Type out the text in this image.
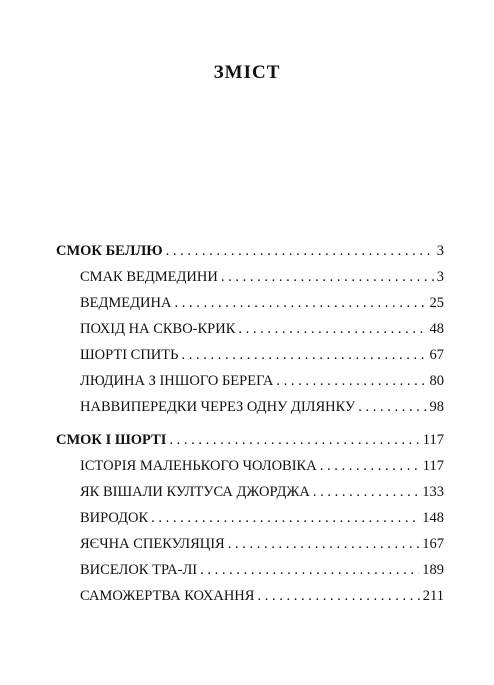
ЗМІСТ
СМОК БЕЛЛЮ . . .	3
СМАК ВЕДМЕДИНИ . . .	3
ВЕДМЕДИНА . . .	25
ПОХІД НА СКВО-КРИК . . .	48
ШОРТІ СПИТЬ . . .	67
ЛЮДИНА З ІНШОГО БЕРЕГА . . .	80
НАВВИПЕРЕДКИ ЧЕРЕЗ ОДНУ ДІЛЯНКУ . . .	98
СМОК І ШОРТІ . . .	117
ІСТОРІЯ МАЛЕНЬКОГО ЧОЛОВІКА . . .	117
ЯК ВІШАЛИ КУЛТУСА ДЖОРДЖА . . .	133
ВИРОДОК . . .	148
ЯЄЧНА СПЕКУЛЯЦІЯ . . .	167
ВИСЕЛОК ТРА-ЛІ . . .	189
САМОЖЕРТВА КОХАННЯ . . .	211
